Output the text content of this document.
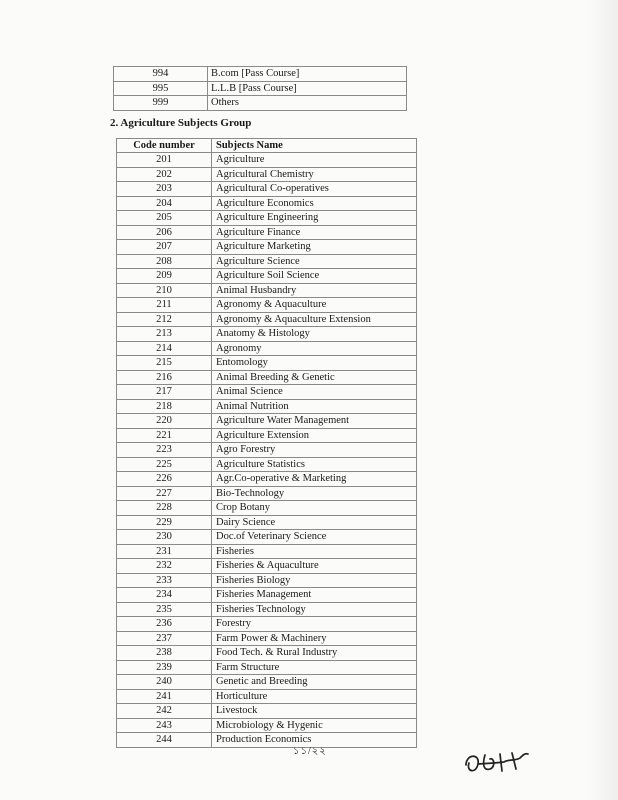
994	B.com [Pass Course]
995	L.L.B [Pass Course]
999	Others
2. Agriculture Subjects Group
Code number	Subjects Name
201	Agriculture
202	Agricultural Chemistry
203	Agricultural Co-operatives
204	Agriculture Economics
205	Agriculture Engineering
206	Agriculture Finance
207	Agriculture Marketing
208	Agriculture Science
209	Agriculture Soil Science
210	Animal Husbandry
211	Agronomy & Aquaculture
212	Agronomy & Aquaculture Extension
213	Anatomy & Histology
214	Agronomy
215	Entomology
216	Animal Breeding & Genetic
217	Animal Science
218	Animal Nutrition
220	Agriculture Water Management
221	Agriculture Extension
223	Agro Forestry
225	Agriculture Statistics
226	Agr.Co-operative & Marketing
227	Bio-Technology
228	Crop Botany
229	Dairy Science
230	Doc.of Veterinary Science
231	Fisheries
232	Fisheries & Aquaculture
233	Fisheries Biology
234	Fisheries Management
235	Fisheries Technology
236	Forestry
237	Farm Power & Machinery
238	Food Tech. & Rural Industry
239	Farm Structure
240	Genetic and Breeding
241	Horticulture
242	Livestock
243	Microbiology & Hygenic
244	Production Economics
১১/২২
